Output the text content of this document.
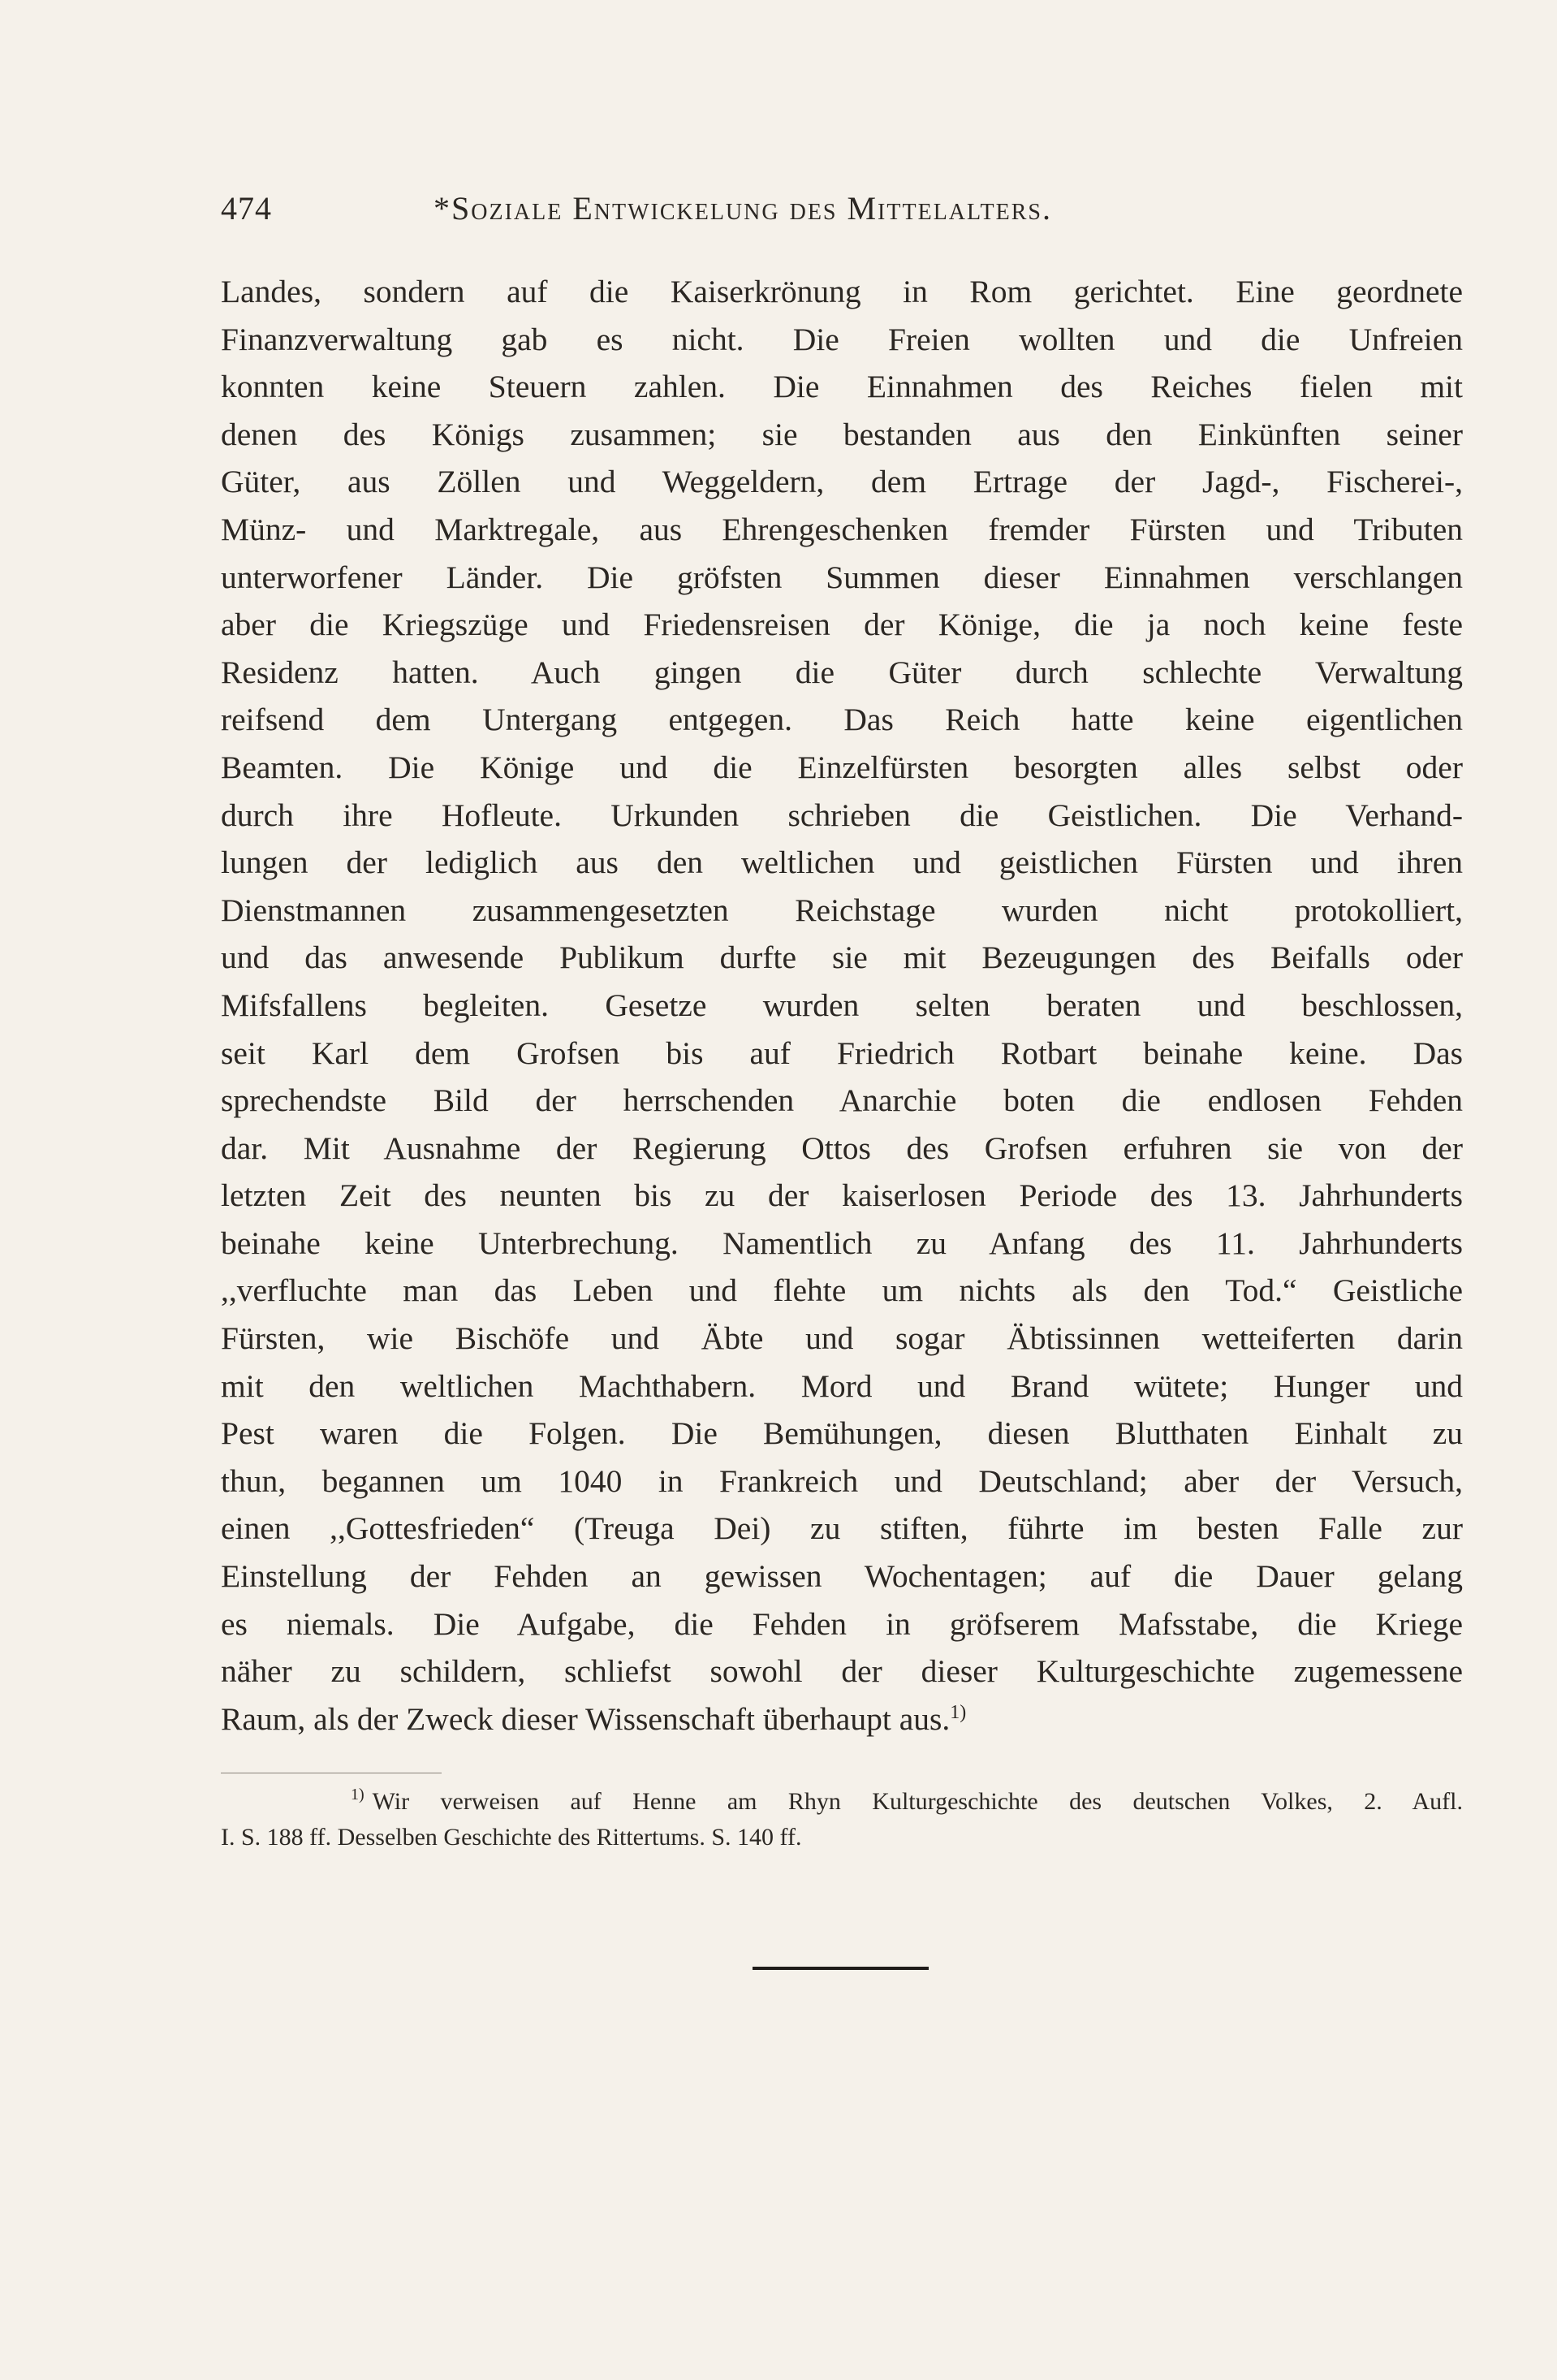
474	*Soziale Entwickelung des Mittelalters.
Landes, sondern auf die Kaiserkrönung in Rom gerichtet. Eine geordnete
Finanzverwaltung gab es nicht. Die Freien wollten und die Unfreien
konnten keine Steuern zahlen. Die Einnahmen des Reiches fielen mit
denen des Königs zusammen; sie bestanden aus den Einkünften seiner
Güter, aus Zöllen und Weggeldern, dem Ertrage der Jagd-, Fischerei-,
Münz- und Marktregale, aus Ehrengeschenken fremder Fürsten und Tributen
unterworfener Länder. Die gröfsten Summen dieser Einnahmen verschlangen
aber die Kriegszüge und Friedensreisen der Könige, die ja noch keine feste
Residenz hatten. Auch gingen die Güter durch schlechte Verwaltung
reifsend dem Untergang entgegen. Das Reich hatte keine eigentlichen
Beamten. Die Könige und die Einzelfürsten besorgten alles selbst oder
durch ihre Hofleute. Urkunden schrieben die Geistlichen. Die Verhand-
lungen der lediglich aus den weltlichen und geistlichen Fürsten und ihren
Dienstmannen zusammengesetzten Reichstage wurden nicht protokolliert,
und das anwesende Publikum durfte sie mit Bezeugungen des Beifalls oder
Mifsfallens begleiten. Gesetze wurden selten beraten und beschlossen,
seit Karl dem Grofsen bis auf Friedrich Rotbart beinahe keine. Das
sprechendste Bild der herrschenden Anarchie boten die endlosen Fehden
dar. Mit Ausnahme der Regierung Ottos des Grofsen erfuhren sie von der
letzten Zeit des neunten bis zu der kaiserlosen Periode des 13. Jahrhunderts
beinahe keine Unterbrechung. Namentlich zu Anfang des 11. Jahrhunderts
,,verfluchte man das Leben und flehte um nichts als den Tod.“ Geistliche
Fürsten, wie Bischöfe und Äbte und sogar Äbtissinnen wetteiferten darin
mit den weltlichen Machthabern. Mord und Brand wütete; Hunger und
Pest waren die Folgen. Die Bemühungen, diesen Blutthaten Einhalt zu
thun, begannen um 1040 in Frankreich und Deutschland; aber der Versuch,
einen ,,Gottesfrieden“ (Treuga Dei) zu stiften, führte im besten Falle zur
Einstellung der Fehden an gewissen Wochentagen; auf die Dauer gelang
es niemals. Die Aufgabe, die Fehden in gröfserem Mafsstabe, die Kriege
näher zu schildern, schliefst sowohl der dieser Kulturgeschichte zugemessene
Raum, als der Zweck dieser Wissenschaft überhaupt aus.$^{1)}$
$^{1)}$ Wir verweisen auf Henne am Rhyn Kulturgeschichte des deutschen Volkes, 2. Aufl.
I. S. 188 ff. Desselben Geschichte des Rittertums. S. 140 ff.
